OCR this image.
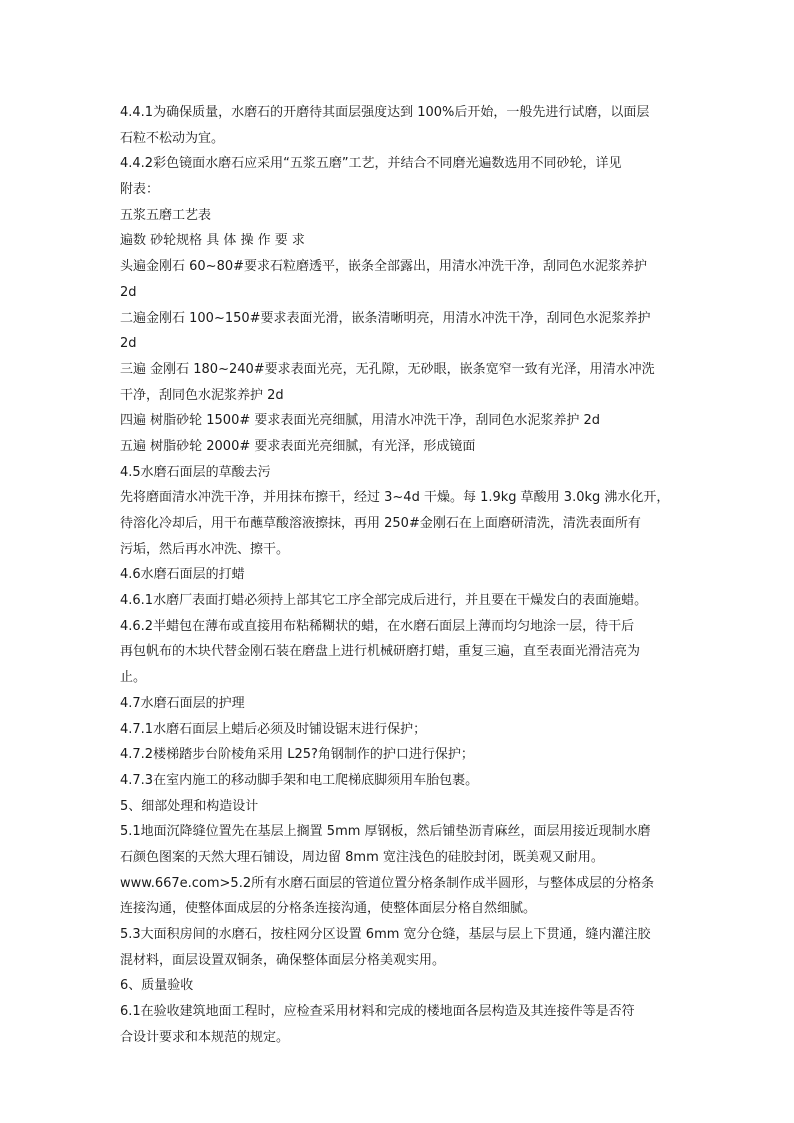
4.4.1为确保质量，水磨石的开磨待其面层强度达到 100%后开始，一般先进行试磨，以面层
石粒不松动为宜。
4.4.2彩色镜面水磨石应采用“五浆五磨”工艺，并结合不同磨光遍数选用不同砂轮，详见
附表：
五浆五磨工艺表
遍数 砂轮规格 具 体 操 作 要 求
头遍金刚石 60~80#要求石粒磨透平，嵌条全部露出，用清水冲洗干净，刮同色水泥浆养护
2d
二遍金刚石 100~150#要求表面光滑，嵌条清晰明亮，用清水冲洗干净，刮同色水泥浆养护
2d
三遍 金刚石 180~240#要求表面光亮，无孔隙，无砂眼，嵌条宽窄一致有光泽，用清水冲洗
干净，刮同色水泥浆养护 2d
四遍 树脂砂轮 1500# 要求表面光亮细腻，用清水冲洗干净，刮同色水泥浆养护 2d
五遍 树脂砂轮 2000# 要求表面光亮细腻，有光泽，形成镜面
4.5水磨石面层的草酸去污
先将磨面清水冲洗干净，并用抹布擦干，经过 3~4d 干燥。每 1.9kg 草酸用 3.0kg 沸水化开，
待溶化冷却后，用干布蘸草酸溶液擦抹，再用 250#金刚石在上面磨研清洗，清洗表面所有
污垢，然后再水冲洗、擦干。
4.6水磨石面层的打蜡
4.6.1水磨厂表面打蜡必须持上部其它工序全部完成后进行，并且要在干燥发白的表面施蜡。
4.6.2半蜡包在薄布或直接用布粘稀糊状的蜡，在水磨石面层上薄而均匀地涂一层，待干后
再包帆布的木块代替金刚石装在磨盘上进行机械研磨打蜡，重复三遍，直至表面光滑洁亮为
止。
4.7水磨石面层的护理
4.7.1水磨石面层上蜡后必须及时铺设锯末进行保护；
4.7.2楼梯踏步台阶棱角采用 L25?角钢制作的护口进行保护；
4.7.3在室内施工的移动脚手架和电工爬梯底脚须用车胎包裹。
5、细部处理和构造设计
5.1地面沉降缝位置先在基层上搁置 5mm 厚钢板，然后铺垫沥青麻丝，面层用接近现制水磨
石颜色图案的天然大理石铺设，周边留 8mm 宽注浅色的硅胶封闭，既美观又耐用。
www.667e.com>5.2所有水磨石面层的管道位置分格条制作成半圆形，与整体成层的分格条
连接沟通，使整体面成层的分格条连接沟通，使整体面层分格自然细腻。
5.3大面积房间的水磨石，按柱网分区设置 6mm 宽分仓缝，基层与层上下贯通，缝内灌注胶
混材料，面层设置双铜条，确保整体面层分格美观实用。
6、质量验收
6.1在验收建筑地面工程时，应检查采用材料和完成的楼地面各层构造及其连接件等是否符
合设计要求和本规范的规定。
